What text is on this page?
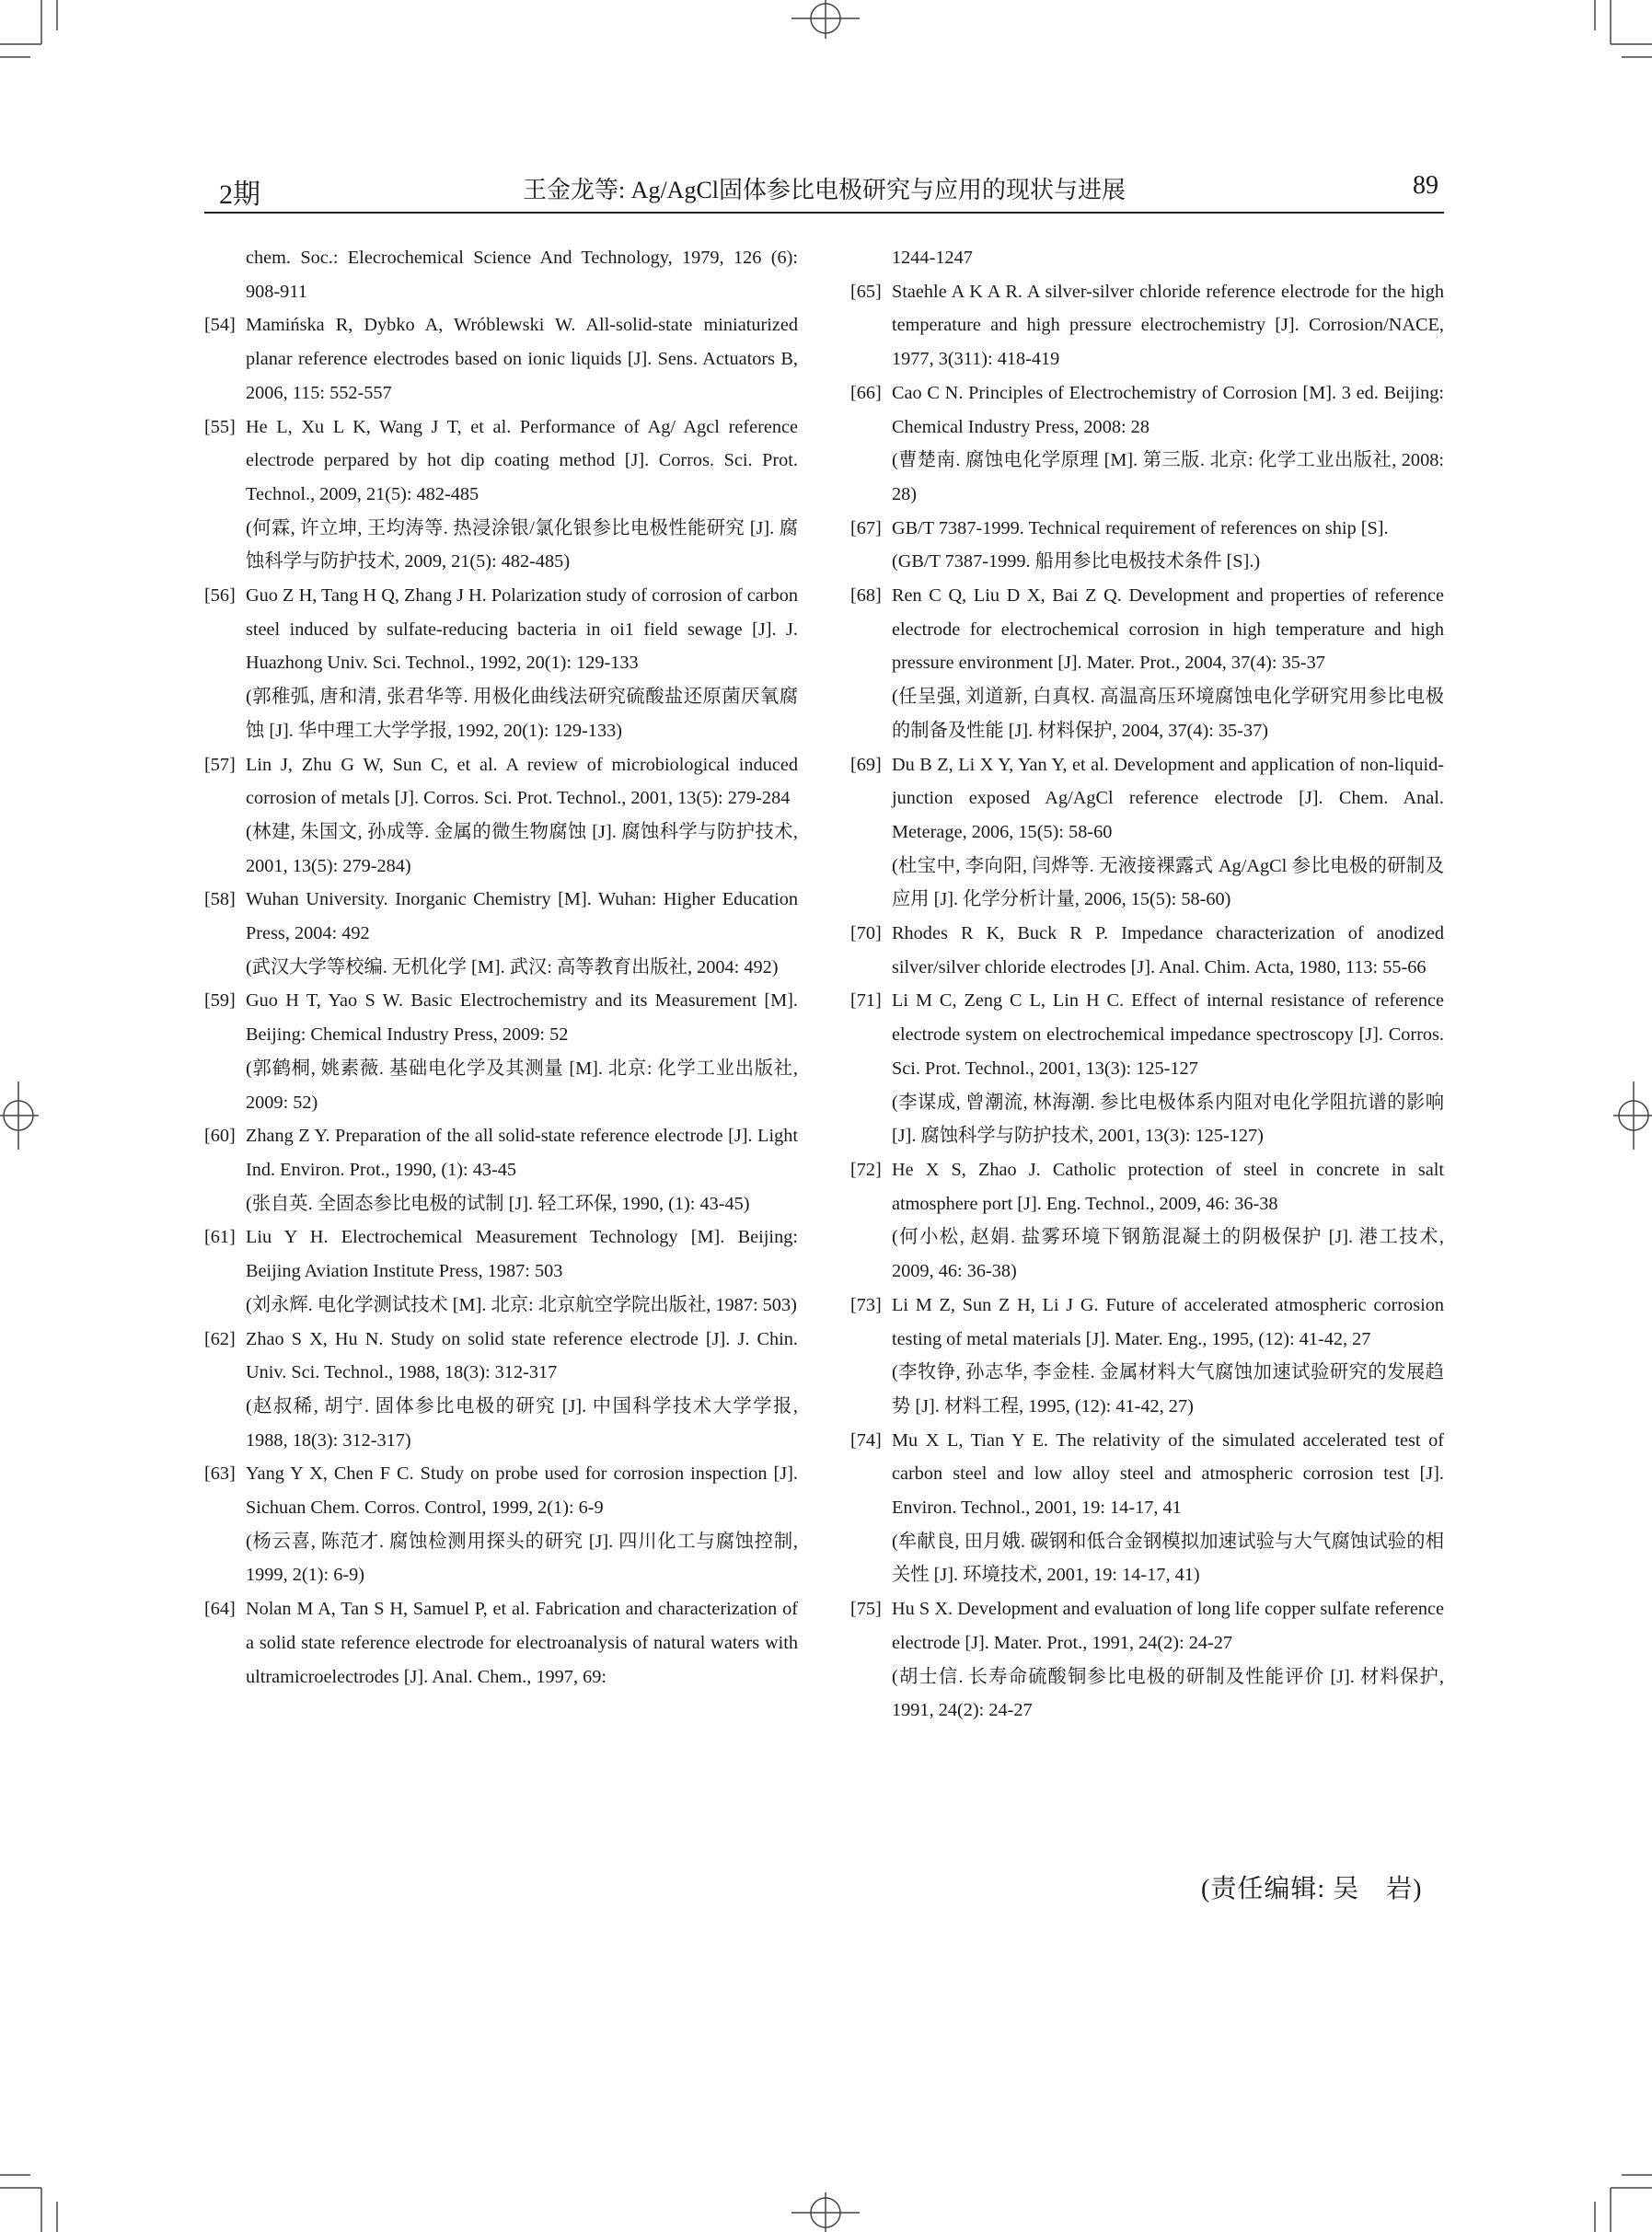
2期	王金龙等: Ag/AgCl固体参比电极研究与应用的现状与进展	89
chem. Soc.: Elecrochemical Science And Technology, 1979, 126 (6): 908-911
[54] Mamińska R, Dybko A, Wróblewski W. All-solid-state miniaturized planar reference electrodes based on ionic liquids [J]. Sens. Actuators B, 2006, 115: 552-557
[55] He L, Xu L K, Wang J T, et al. Performance of Ag/ Agcl reference electrode perpared by hot dip coating method [J]. Corros. Sci. Prot. Technol., 2009, 21(5): 482-485
(何霖, 许立坤, 王均涛等. 热浸涂银/氯化银参比电极性能研究 [J]. 腐蚀科学与防护技术, 2009, 21(5): 482-485)
[56] Guo Z H, Tang H Q, Zhang J H. Polarization study of corrosion of carbon steel induced by sulfate-reducing bacteria in oi1 field sewage [J]. J. Huazhong Univ. Sci. Technol., 1992, 20(1): 129-133
(郭稚弧, 唐和清, 张君华等. 用极化曲线法研究硫酸盐还原菌厌氧腐蚀 [J]. 华中理工大学学报, 1992, 20(1): 129-133)
[57] Lin J, Zhu G W, Sun C, et al. A review of microbiological induced corrosion of metals [J]. Corros. Sci. Prot. Technol., 2001, 13(5): 279-284
(林建, 朱国文, 孙成等. 金属的微生物腐蚀 [J]. 腐蚀科学与防护技术, 2001, 13(5): 279-284)
[58] Wuhan University. Inorganic Chemistry [M]. Wuhan: Higher Education Press, 2004: 492
(武汉大学等校编. 无机化学 [M]. 武汉: 高等教育出版社, 2004: 492)
[59] Guo H T, Yao S W. Basic Electrochemistry and its Measurement [M]. Beijing: Chemical Industry Press, 2009: 52
(郭鹤桐, 姚素薇. 基础电化学及其测量 [M]. 北京: 化学工业出版社, 2009: 52)
[60] Zhang Z Y. Preparation of the all solid-state reference electrode [J]. Light Ind. Environ. Prot., 1990, (1): 43-45
(张自英. 全固态参比电极的试制 [J]. 轻工环保, 1990, (1): 43-45)
[61] Liu Y H. Electrochemical Measurement Technology [M]. Beijing: Beijing Aviation Institute Press, 1987: 503
(刘永辉. 电化学测试技术 [M]. 北京: 北京航空学院出版社, 1987: 503)
[62] Zhao S X, Hu N. Study on solid state reference electrode [J]. J. Chin. Univ. Sci. Technol., 1988, 18(3): 312-317
(赵叔稀, 胡宁. 固体参比电极的研究 [J]. 中国科学技术大学学报, 1988, 18(3): 312-317)
[63] Yang Y X, Chen F C. Study on probe used for corrosion inspection [J]. Sichuan Chem. Corros. Control, 1999, 2(1): 6-9
(杨云喜, 陈范才. 腐蚀检测用探头的研究 [J]. 四川化工与腐蚀控制, 1999, 2(1): 6-9)
[64] Nolan M A, Tan S H, Samuel P, et al. Fabrication and characterization of a solid state reference electrode for electroanalysis of natural waters with ultramicroelectrodes [J]. Anal. Chem., 1997, 69:
1244-1247
[65] Staehle A K A R. A silver-silver chloride reference electrode for the high temperature and high pressure electrochemistry [J]. Corrosion/NACE, 1977, 3(311): 418-419
[66] Cao C N. Principles of Electrochemistry of Corrosion [M]. 3 ed. Beijing: Chemical Industry Press, 2008: 28
(曹楚南. 腐蚀电化学原理 [M]. 第三版. 北京: 化学工业出版社, 2008: 28)
[67] GB/T 7387-1999. Technical requirement of references on ship [S].
(GB/T 7387-1999. 船用参比电极技术条件 [S].)
[68] Ren C Q, Liu D X, Bai Z Q. Development and properties of reference electrode for electrochemical corrosion in high temperature and high pressure environment [J]. Mater. Prot., 2004, 37(4): 35-37
(任呈强, 刘道新, 白真权. 高温高压环境腐蚀电化学研究用参比电极的制备及性能 [J]. 材料保护, 2004, 37(4): 35-37)
[69] Du B Z, Li X Y, Yan Y, et al. Development and application of non-liquid-junction exposed Ag/AgCl reference electrode [J]. Chem. Anal. Meterage, 2006, 15(5): 58-60
(杜宝中, 李向阳, 闫烨等. 无液接裸露式 Ag/AgCl 参比电极的研制及应用 [J]. 化学分析计量, 2006, 15(5): 58-60)
[70] Rhodes R K, Buck R P. Impedance characterization of anodized silver/silver chloride electrodes [J]. Anal. Chim. Acta, 1980, 113: 55-66
[71] Li M C, Zeng C L, Lin H C. Effect of internal resistance of reference electrode system on electrochemical impedance spectroscopy [J]. Corros. Sci. Prot. Technol., 2001, 13(3): 125-127
(李谋成, 曾潮流, 林海潮. 参比电极体系内阻对电化学阻抗谱的影响 [J]. 腐蚀科学与防护技术, 2001, 13(3): 125-127)
[72] He X S, Zhao J. Catholic protection of steel in concrete in salt atmosphere port [J]. Eng. Technol., 2009, 46: 36-38
(何小松, 赵娟. 盐雾环境下钢筋混凝土的阴极保护 [J]. 港工技术, 2009, 46: 36-38)
[73] Li M Z, Sun Z H, Li J G. Future of accelerated atmospheric corrosion testing of metal materials [J]. Mater. Eng., 1995, (12): 41-42, 27
(李牧铮, 孙志华, 李金桂. 金属材料大气腐蚀加速试验研究的发展趋势 [J]. 材料工程, 1995, (12): 41-42, 27)
[74] Mu X L, Tian Y E. The relativity of the simulated accelerated test of carbon steel and low alloy steel and atmospheric corrosion test [J]. Environ. Technol., 2001, 19: 14-17, 41
(牟献良, 田月娥. 碳钢和低合金钢模拟加速试验与大气腐蚀试验的相关性 [J]. 环境技术, 2001, 19: 14-17, 41)
[75] Hu S X. Development and evaluation of long life copper sulfate reference electrode [J]. Mater. Prot., 1991, 24(2): 24-27
(胡士信. 长寿命硫酸铜参比电极的研制及性能评价 [J]. 材料保护, 1991, 24(2): 24-27
(责任编辑: 吴　岩)
